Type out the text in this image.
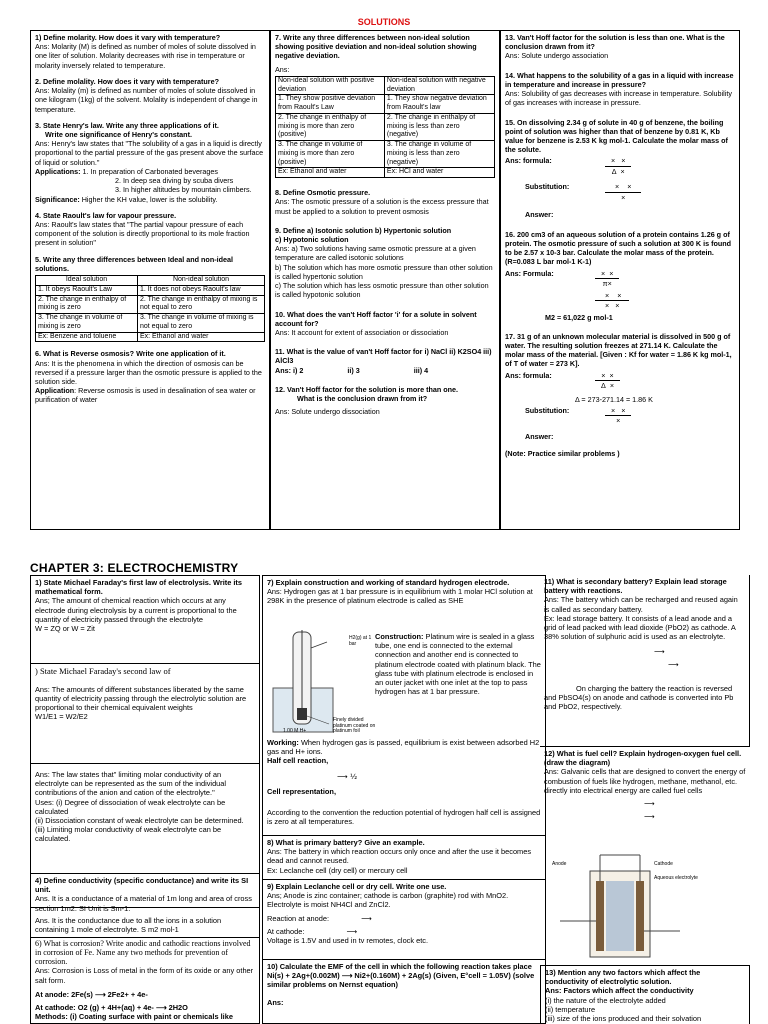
SOLUTIONS
1) Define molarity. How does it vary with temperature?
Ans: Molarity (M) is defined as number of moles of solute dissolved in one liter of solution. Molarity decreases with rise in temperature or molarity inversely related to temperature.
2. Define molality. How does it vary with temperature?
Ans: Molality (m) is defined as number of moles of solute dissolved in one kilogram (1kg) of the solvent. Molality is independent of change in temperature.
3. State Henry's law. Write any three applications of it.
Write one significance of Henry's constant.
Ans: Henry's law states that "The solubility of a gas in a liquid is directly proportional to the partial pressure of the gas present above the surface of liquid or solution."
Applications: 1. In preparation of Carbonated beverages
2. In deep sea diving by scuba divers
3. In higher altitudes by mountain climbers.
Significance: Higher the KH value, lower is the solubility.
4. State Raoult's law for vapour pressure.
Ans: Raoult's law states that "The partial vapour pressure of each component of the solution is directly proportional to its mole fraction present in solution"
5. Write any three differences between Ideal and non-ideal solutions.
Ideal solution	Non-ideal solution
1. It obeys Raoult's Law	1. It does not obeys Raoult's law
2. The change in enthalpy of mixing is zero	2. The change in enthalpy of mixing is not equal to zero
3. The change in volume of mixing is zero	3. The change in volume of mixing is not equal to zero
Ex: Benzene and toluene	Ex: Ethanol and water
6. What is Reverse osmosis? Write one application of it.
Ans: It is the phenomena in which the direction of osmosis can be reversed if a pressure larger than the osmotic pressure is applied to the solution side.
Application: Reverse osmosis is used in desalination of sea water or purification of water
7. Write any three differences between non-ideal solution showing positive deviation and non-ideal solution showing negative deviation.
Ans:
Non-ideal solution with positive deviation	Non-ideal solution with negative deviation
1. They show positive deviation from Raoult's Law	1. They show negative deviation from Raoult's law
2. The change in enthalpy of mixing is more than zero (positive)	2. The change in enthalpy of mixing is less than zero (negative)
3. The change in volume of mixing is more than zero (positive)	3. The change in volume of mixing is less than zero (negative)
Ex: Ethanol and water	Ex: HCl and water
8. Define Osmotic pressure.
Ans: The osmotic pressure of a solution is the excess pressure that must be applied to a solution to prevent osmosis
9. Define a) Isotonic solution b) Hypertonic solution
c) Hypotonic solution
Ans: a) Two solutions having same osmotic pressure at a given temperature are called isotonic solutions
b) The solution which has more osmotic pressure than other solution is called hypertonic solution
c) The solution which has less osmotic pressure than other solution is called hypotonic solution
10. What does the van't Hoff factor 'i' for a solute in solvent account for?
Ans: It account for extent of association or dissociation
11. What is the value of van't Hoff factor for i) NaCl ii) K2SO4 iii) AlCl3
Ans: i) 2	ii) 3	iii) 4
12. Van't Hoff factor for the solution is more than one.
What is the conclusion drawn from it?
Ans: Solute undergo dissociation
13. Van't Hoff factor for the solution is less than one. What is the conclusion drawn from it?
Ans: Solute undergo association
14. What happens to the solubility of a gas in a liquid with increase in temperature and increase in pressure?
Ans: Solubility of gas decreases with increase in temperature. Solubility of gas increases with increase in pressure.
15. On dissolving 2.34 g of solute in 40 g of benzene, the boiling point of solution was higher than that of benzene by 0.81 K, Kb value for benzene is 2.53 K kg mol-1. Calculate the molar mass of the solute.
Ans: formula:	× ×
Δ ×
Substitution:	× ×
×
Answer:
16. 200 cm3 of an aqueous solution of a protein contains 1.26 g of protein. The osmotic pressure of such a solution at 300 K is found to be 2.57 x 10-3 bar. Calculate the molar mass of the protein. (R=0.083 L bar mol-1 K-1)
Ans: Formula:	× ×
π×
× ×
× ×
M2 = 61,022 g mol-1
17. 31 g of an unknown molecular material is dissolved in 500 g of water. The resulting solution freezes at 271.14 K. Calculate the molar mass of the material. [Given : Kf for water = 1.86 K kg mol-1, of T of water = 273 K].
Ans: formula:	× ×
Δ ×
Δ = 273-271.14 = 1.86 K
Substitution:	× ×
×
Answer:
(Note: Practice similar problems )
CHAPTER 3: ELECTROCHEMISTRY
1) State Michael Faraday's first law of electrolysis. Write its mathematical form.
Ans; The amount of chemical reaction which occurs at any electrode during electrolysis by a current is proportional to the quantity of electricity passed through the electrolyte
W = ZQ or W = Zit
) State Michael Faraday's second law of
Ans: The amounts of different substances liberated by the same quantity of electricity passing through the electrolytic solution are proportional to their chemical equivalent weights
W1/E1 = W2/E2
Ans: The law states that" limiting molar conductivity of an electrolyte can be represented as the sum of the individual contributions of the anion and cation of the electrolyte."
Uses: (i) Degree of dissociation of weak electrolyte can be calculated
(ii) Dissociation constant of weak electrolyte can be determined.
(iii) Limiting molar conductivity of weak electrolyte can be calculated.
4) Define conductivity (specific conductance) and write its SI unit.
Ans. It is a conductance of a material of 1m long and area of cross section 1m2. SI Unit is Sm-1.
Ans. It is the conductance due to all the ions in a solution containing 1 mole of electrolyte. S m2 mol-1
6) What is corrosion? Write anodic and cathodic reactions involved in corrosion of Fe. Name any two methods for prevention of corrosion.
Ans: Corrosion is Loss of metal in the form of its oxide or any other salt form.
At anode: 2Fe(s) ⟶ 2Fe2+ + 4e-
At cathode: O2 (g) + 4H+(aq) + 4e- ⟶ 2H2O
Methods: (i) Coating surface with paint or chemicals like
7) Explain construction and working of standard hydrogen electrode.
Ans: Hydrogen gas at 1 bar pressure is in equilibrium with 1 molar HCl solution at 298K in the presence of platinum electrode is called as SHE
H2(g) at 1 bar
Finely divided platinum coated on platinum foil
1.00 M H+
Construction: Platinum wire is sealed in a glass tube, one end is connected to the external connection and another end is connected to platinum electrode coated with platinum black. The glass tube with platinum electrode is enclosed in an outer jacket with one inlet at the top to pass hydrogen has at 1 bar pressure.
Working: When hydrogen gas is passed, equilibrium is exist between adsorbed H2 gas and H+ ions.
Half cell reaction,
⟶ ½
Cell representation,
According to the convention the reduction potential of hydrogen half cell is assigned is zero at all temperatures.
8) What is primary battery? Give an example.
Ans: The battery in which reaction occurs only once and after the use it becomes dead and cannot reused.
Ex: Leclanche cell (dry cell) or mercury cell
9) Explain Leclanche cell or dry cell. Write one use.
Ans; Anode is zinc container; cathode is carbon (graphite) rod with MnO2. Electrolyte is moist NH4Cl and ZnCl2.
Reaction at anode:	⟶
At cathode:	⟶
Voltage is 1.5V and used in tv remotes, clock etc.
10) Calculate the EMF of the cell in which the following reaction takes place Ni(s) + 2Ag+(0.002M) ⟶ Ni2+(0.160M) + 2Ag(s) (Given, E°cell = 1.05V) (solve similar problems on Nernst equation)
Ans:
11) What is secondary battery? Explain lead storage battery with reactions.
Ans: The battery which can be recharged and reused again is called as secondary battery.
Ex: lead storage battery. It consists of a lead anode and a grid of lead packed with lead dioxide (PbO2) as cathode. A 38% solution of sulphuric acid is used as an electrolyte.
⟶
⟶
On charging the battery the reaction is reversed and PbSO4(s) on anode and cathode is converted into Pb and PbO2, respectively.
12) What is fuel cell? Explain hydrogen-oxygen fuel cell. (draw the diagram)
Ans: Galvanic cells that are designed to convert the energy of combustion of fuels like hydrogen, methane, methanol, etc. directly into electrical energy are called fuel cells
⟶
⟶
Anode	Cathode
Aqueous electrolyte
13) Mention any two factors which affect the conductivity of electrolytic solution.
Ans: Factors which affect the conductivity
(i) the nature of the electrolyte added
(ii) temperature
(iii) size of the ions produced and their solvation
